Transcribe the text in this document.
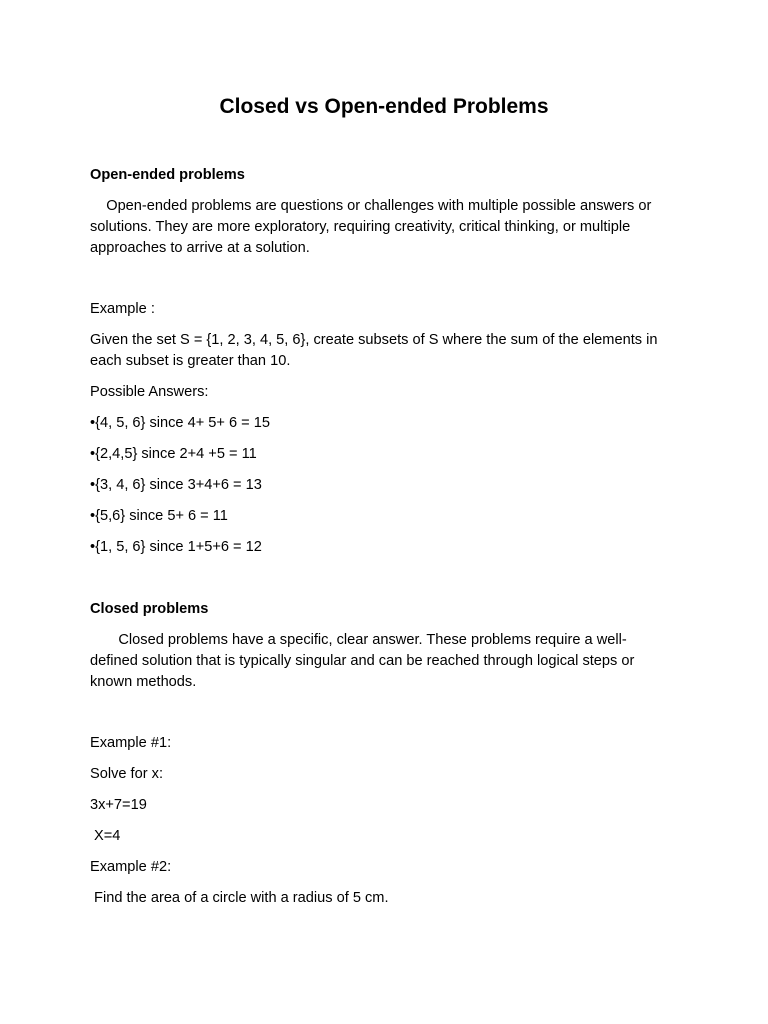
Closed vs Open-ended Problems
Open-ended problems
Open-ended problems are questions or challenges with multiple possible answers or
solutions. They are more exploratory, requiring creativity, critical thinking, or multiple
approaches to arrive at a solution.
Example :
Given the set S = {1, 2, 3, 4, 5, 6}, create subsets of S where the sum of the elements in
each subset is greater than 10.
Possible Answers:
•{4, 5, 6} since 4+ 5+ 6 = 15
•{2,4,5} since 2+4 +5 = 11
•{3, 4, 6} since 3+4+6 = 13
•{5,6} since 5+ 6 = 11
•{1, 5, 6} since 1+5+6 = 12
Closed problems
Closed problems have a specific, clear answer. These problems require a well-
defined solution that is typically singular and can be reached through logical steps or
known methods.
Example #1:
Solve for x:
3x+7=19
X=4
Example #2:
Find the area of a circle with a radius of 5 cm.
